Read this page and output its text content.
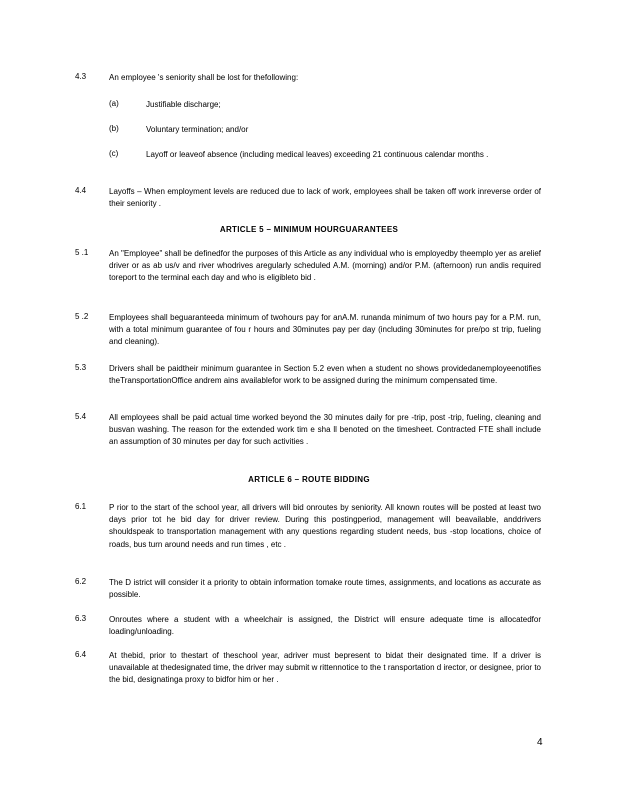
4.3	An employee 's seniority shall be lost for thefollowing:
(a)	Justifiable discharge;
(b)	Voluntary termination; and/or
(c)	Layoff or leaveof absence (including medical leaves) exceeding 21 continuous calendar months .
4.4	Layoffs – When employment levels are reduced due to lack of work, employees shall be taken off work inreverse order of their seniority .
ARTICLE 5 – MINIMUM HOURGUARANTEES
5 .1	An "Employee" shall be definedfor the purposes of this Article as any individual who is employedby theemplo yer as arelief driver or as ab us/v and river whodrives aregularly scheduled A.M. (morning) and/or P.M. (afternoon) run andis required toreport to the terminal each day and who is eligibleto bid .
5 .2	Employees shall beguaranteeda minimum of twohours pay for anA.M. runanda minimum of two hours pay for a P.M. run, with a total minimum guarantee of fou r hours and 30minutes pay per day (including 30minutes for pre/po st trip, fueling and cleaning).
5.3	Drivers shall be paidtheir minimum guarantee in Section 5.2 even when a student no shows providedanemployeenotifies theTransportationOffice andrem ains availablefor work to be assigned during the minimum compensated time.
5.4	All employees shall be paid actual time worked beyond the 30 minutes daily for pre -trip, post -trip, fueling, cleaning and busvan washing. The reason for the extended work tim e sha ll benoted on the timesheet. Contracted FTE shall include an assumption of 30 minutes per day for such activities .
ARTICLE 6 – ROUTE BIDDING
6.1	P rior to the start of the school year, all drivers will bid onroutes by seniority. All known routes will be posted at least two days prior tot he bid day for driver review. During this postingperiod, management will beavailable, anddrivers shouldspeak to transportation management with any questions regarding student needs, bus -stop locations, choice of roads, bus turn around needs and run times , etc .
6.2	The D istrict will consider it a priority to obtain information tomake route times, assignments, and locations as accurate as possible.
6.3	Onroutes where a student with a wheelchair is assigned, the District will ensure adequate time is allocatedfor loading/unloading.
6.4	At thebid, prior to thestart of theschool year, adriver must bepresent to bidat their designated time. If a driver is unavailable at thedesignated time, the driver may submit w rittennotice to the t ransportation d irector, or designee, prior to the bid, designatinga proxy to bidfor him or her .
4
